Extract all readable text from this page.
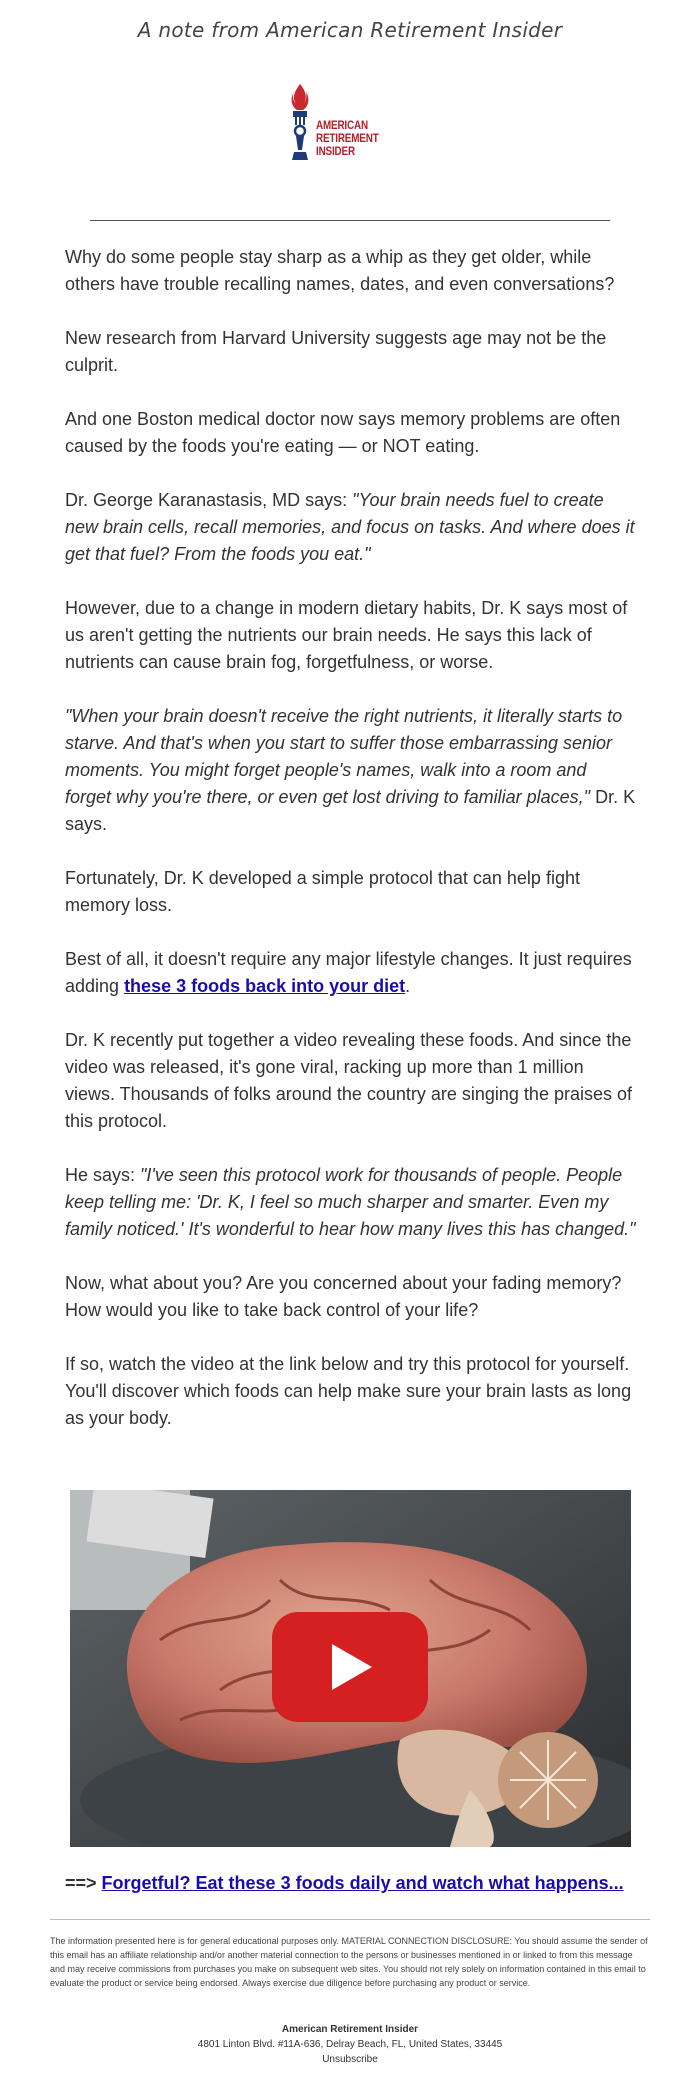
A note from American Retirement Insider
AMERICAN
RETIREMENT INSIDER

Why do some people stay sharp as a whip as they get older, while others have trouble recalling names, dates, and even conversations?

New research from Harvard University suggests age may not be the culprit.

And one Boston medical doctor now says memory problems are often caused by the foods you're eating — or NOT eating.

Dr. George Karanastasis, MD says: "Your brain needs fuel to create new brain cells, recall memories, and focus on tasks. And where does it get that fuel? From the foods you eat."

However, due to a change in modern dietary habits, Dr. K says most of us aren't getting the nutrients our brain needs. He says this lack of nutrients can cause brain fog, forgetfulness, or worse.

"When your brain doesn't receive the right nutrients, it literally starts to starve. And that's when you start to suffer those embarrassing senior moments. You might forget people's names, walk into a room and forget why you're there, or even get lost driving to familiar places," Dr. K says.

Fortunately, Dr. K developed a simple protocol that can help fight memory loss.

Best of all, it doesn't require any major lifestyle changes. It just requires adding these 3 foods back into your diet.

Dr. K recently put together a video revealing these foods. And since the video was released, it's gone viral, racking up more than 1 million views. Thousands of folks around the country are singing the praises of this protocol.

He says: "I've seen this protocol work for thousands of people. People keep telling me: 'Dr. K, I feel so much sharper and smarter. Even my family noticed.' It's wonderful to hear how many lives this has changed."

Now, what about you? Are you concerned about your fading memory? How would you like to take back control of your life?

If so, watch the video at the link below and try this protocol for yourself. You'll discover which foods can help make sure your brain lasts as long as your body.

==> Forgetful? Eat these 3 foods daily and watch what happens...
The information presented here is for general educational purposes only. MATERIAL CONNECTION DISCLOSURE: You should assume the sender of this email has an affiliate relationship and/or another material connection to the persons or businesses mentioned in or linked to from this message and may receive commissions from purchases you make on subsequent web sites. You should not rely solely on information contained in this email to evaluate the product or service being endorsed. Always exercise due diligence before purchasing any product or service.
American Retirement Insider
4801 Linton Blvd. #11A-636, Delray Beach, FL, United States, 33445
Unsubscribe
